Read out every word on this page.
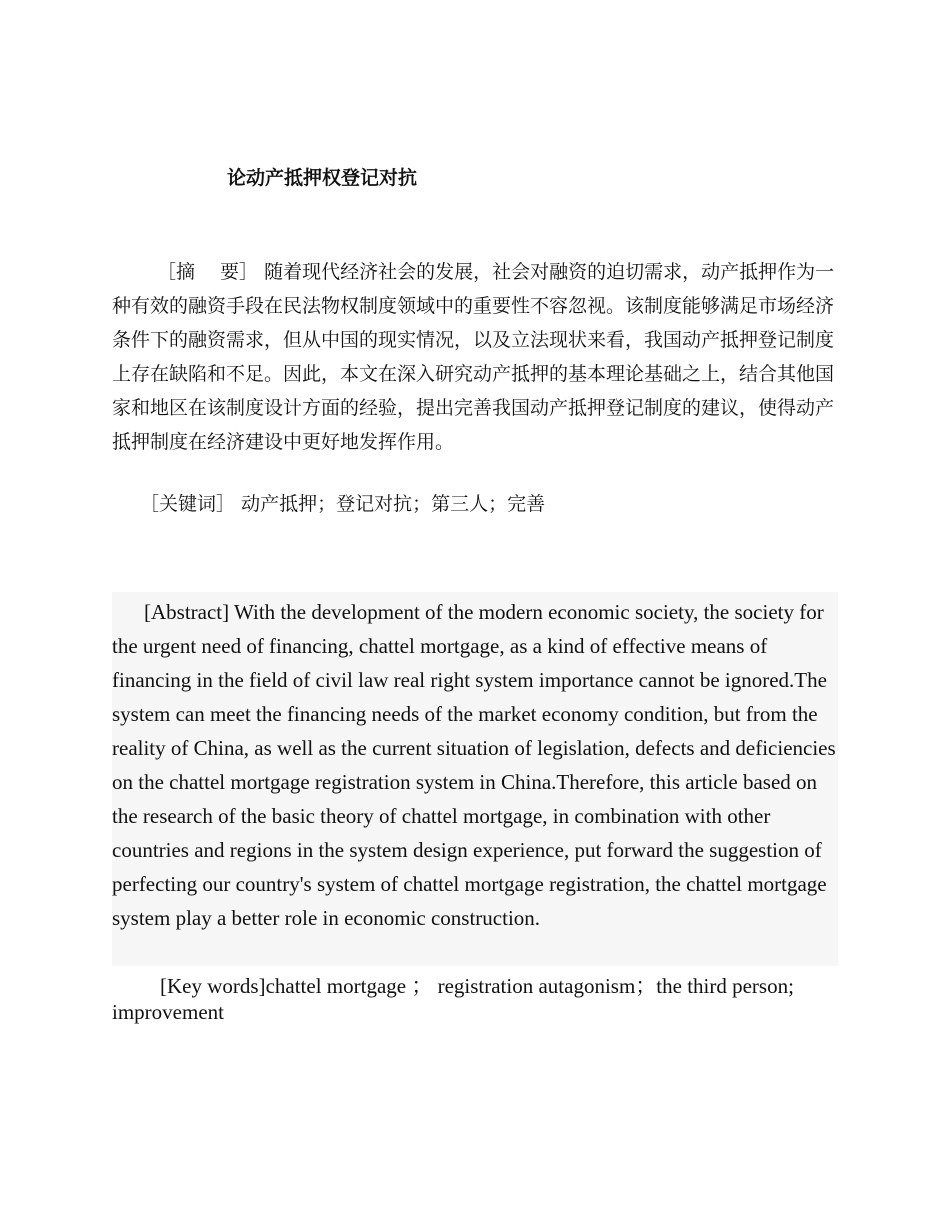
论动产抵押权登记对抗

［摘　 要］ 随着现代经济社会的发展，社会对融资的迫切需求，动产抵押作为一种有效的融资手段在民法物权制度领域中的重要性不容忽视。该制度能够满足市场经济条件下的融资需求，但从中国的现实情况，以及立法现状来看，我国动产抵押登记制度上存在缺陷和不足。因此，本文在深入研究动产抵押的基本理论基础之上，结合其他国家和地区在该制度设计方面的经验，提出完善我国动产抵押登记制度的建议，使得动产抵押制度在经济建设中更好地发挥作用。

［关键词］ 动产抵押；登记对抗；第三人；完善

[Abstract] With the development of the modern economic society, the society for the urgent need of financing, chattel mortgage, as a kind of effective means of financing in the field of civil law real right system importance cannot be ignored.The system can meet the financing needs of the market economy condition, but from the reality of China, as well as the current situation of legislation, defects and deficiencies on the chattel mortgage registration system in China.Therefore, this article based on the research of the basic theory of chattel mortgage, in combination with other countries and regions in the system design experience, put forward the suggestion of perfecting our country's system of chattel mortgage registration, the chattel mortgage system play a better role in economic construction.

[Key words]chattel mortgage ； registration autagonism；the third person; improvement
